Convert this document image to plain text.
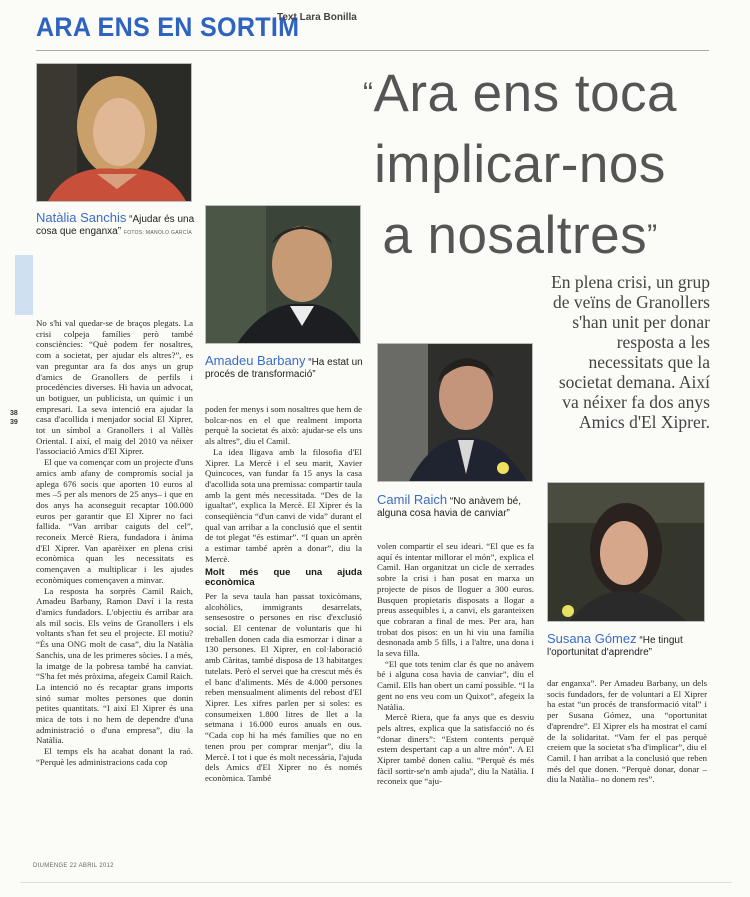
ARA ENS EN SORTIM
Text Lara Bonilla
“Ara ens toca
implicar-nos
a nosaltres”
En plena crisi, un grup de veïns de Granollers s'han unit per donar resposta a les necessitats que la societat demana. Així va néixer fa dos anys Amics d'El Xiprer.
Natàlia Sanchis “Ajudar és una cosa que enganxa” FOTOS: MANOLO GARCÍA
Amadeu Barbany “Ha estat un procés de transformació”
Camil Raich “No anàvem bé, alguna cosa havia de canviar”
Susana Gómez “He tingut l'oportunitat d'aprendre”
38
39

No s'hi val quedar-se de braços plegats. La crisi colpeja famílies però també consciències: “Què podem fer nosaltres, com a societat, per ajudar els altres?”, es van preguntar ara fa dos anys un grup d'amics de Granollers de perfils i procedències diverses. Hi havia un advocat, un botiguer, un publicista, un químic i un empresari. La seva intenció era ajudar la casa d'acollida i menjador social El Xiprer, tot un símbol a Granollers i al Vallès Oriental. I així, el maig del 2010 va néixer l'associació Amics d'El Xiprer.

El que va començar com un projecte d'uns amics amb afany de compromís social ja aplega 676 socis que aporten 10 euros al mes –5 per als menors de 25 anys– i que en dos anys ha aconseguit recaptar 100.000 euros per garantir que El Xiprer no faci fallida. “Van arribar caiguts del cel”, reconeix Mercè Riera, fundadora i ànima d'El Xiprer. Van aparèixer en plena crisi econòmica quan les necessitats es començaven a multiplicar i les ajudes econòmiques començaven a minvar.

La resposta ha sorprès Camil Raich, Amadeu Barbany, Ramon Daví i la resta d'amics fundadors. L'objectiu és arribar ara als mil socis. Els veïns de Granollers i els voltants s'han fet seu el projecte. El motiu? “És una ONG molt de casa”, diu la Natàlia Sanchis, una de les primeres sòcies. I a més, la imatge de la pobresa també ha canviat. “S'ha fet més pròxima, afegeix Camil Raich. La intenció no és recaptar grans imports sinó sumar moltes persones que donin petites quantitats. “I així El Xiprer és una mica de tots i no hem de dependre d'una administració o d'una empresa”, diu la Natàlia.

El temps els ha acabat donant la raó. “Perquè les administracions cada cop

poden fer menys i som nosaltres que hem de bolcar-nos en el que realment importa perquè la societat és això: ajudar-se els uns als altres”, diu el Camil.

La idea lligava amb la filosofia d'El Xiprer. La Mercè i el seu marit, Xavier Quincoces, van fundar fa 15 anys la casa d'acollida sota una premissa: compartir taula amb la gent més necessitada. “Des de la igualtat”, explica la Mercè. El Xiprer és la conseqüència “d'un canvi de vida” durant el qual van arribar a la conclusió que el sentit de tot plegat “és estimar”. “I quan un aprèn a estimar també aprèn a donar”, diu la Mercè.

Molt més que una ajuda econòmica

Per la seva taula han passat toxicòmans, alcohòlics, immigrants desarrelats, sensesostre o persones en risc d'exclusió social. El centenar de voluntaris que hi treballen donen cada dia esmorzar i dinar a 130 persones. El Xiprer, en col·laboració amb Càritas, també disposa de 13 habitatges tutelats. Però el servei que ha crescut més és el banc d'aliments. Més de 4.000 persones reben mensualment aliments del rebost d'El Xiprer. Les xifres parlen per si soles: es consumeixen 1.800 litres de llet a la setmana i 16.000 euros anuals en ous. “Cada cop hi ha més famílies que no en tenen prou per comprar menjar”, diu la Mercè. I tot i que és molt necessària, l'ajuda dels Amics d'El Xiprer no és només econòmica. També

volen compartir el seu ideari. “El que es fa aquí és intentar millorar el món”, explica el Camil. Han organitzat un cicle de xerrades sobre la crisi i han posat en marxa un projecte de pisos de lloguer a 300 euros. Busquen propietaris disposats a llogar a preus assequibles i, a canvi, els garanteixen que cobraran a final de mes. Per ara, han trobat dos pisos: en un hi viu una família desnonada amb 5 fills, i a l'altre, una dona i la seva filla.

“El que tots tenim clar és que no anàvem bé i alguna cosa havia de canviar”, diu el Camil. Ells han obert un camí possible. “I la gent no ens veu com un Quixot”, afegeix la Natàlia.

Mercè Riera, que fa anys que es desviu pels altres, explica que la satisfacció no és “donar diners”: “Estem contents perquè estem despertant cap a un altre món”. A El Xiprer també donen caliu. “Perquè és més fàcil sortir-se'n amb ajuda”, diu la Natàlia. I reconeix que “aju-

dar enganxa”. Per Amadeu Barbany, un dels socis fundadors, fer de voluntari a El Xiprer ha estat “un procés de transformació vital” i per Susana Gómez, una “oportunitat d'aprendre”. El Xiprer els ha mostrat el camí de la solidaritat. “Vam fer el pas perquè creiem que la societat s'ha d'implicar”, diu el Camil. I han arribat a la conclusió que reben més del que donen. “Perquè donar, donar –diu la Natàlia– no donem res”.

DIUMENGE 22 ABRIL 2012
